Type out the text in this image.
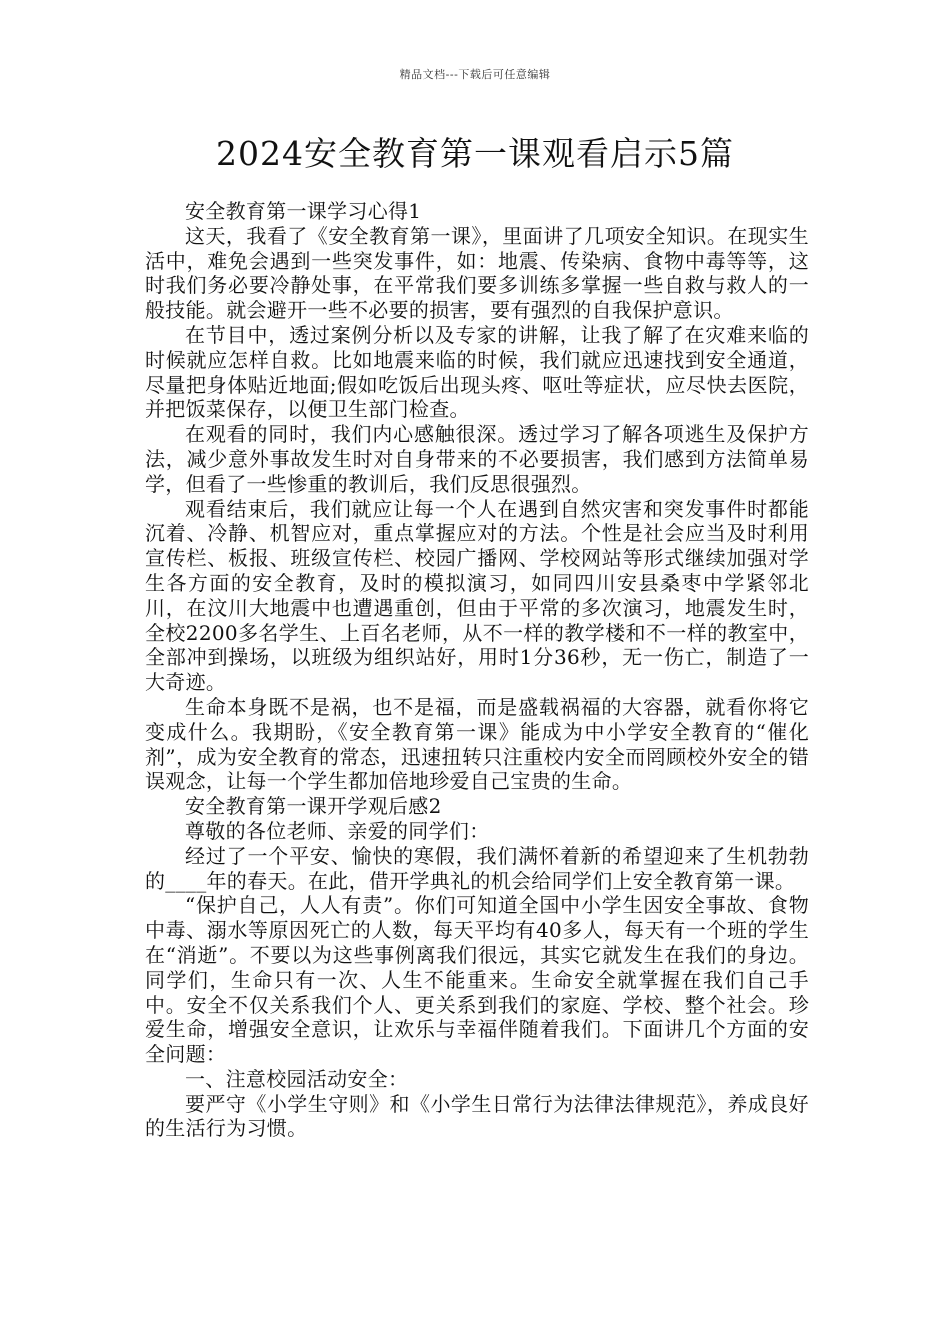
精品文档---下载后可任意编辑
2024安全教育第一课观看启示5篇

安全教育第一课学习心得1

这天，我看了《安全教育第一课》，里面讲了几项安全知识。在现实生活中，难免会遇到一些突发事件，如：地震、传染病、食物中毒等等，这时我们务必要冷静处事，在平常我们要多训练多掌握一些自救与救人的一般技能。就会避开一些不必要的损害，要有强烈的自我保护意识。

在节目中，透过案例分析以及专家的讲解，让我了解了在灾难来临的时候就应怎样自救。比如地震来临的时候，我们就应迅速找到安全通道，尽量把身体贴近地面;假如吃饭后出现头疼、呕吐等症状，应尽快去医院，并把饭菜保存，以便卫生部门检查。

在观看的同时，我们内心感触很深。透过学习了解各项逃生及保护方法，减少意外事故发生时对自身带来的不必要损害，我们感到方法简单易学，但看了一些惨重的教训后，我们反思很强烈。

观看结束后，我们就应让每一个人在遇到自然灾害和突发事件时都能沉着、冷静、机智应对，重点掌握应对的方法。个性是社会应当及时利用宣传栏、板报、班级宣传栏、校园广播网、学校网站等形式继续加强对学生各方面的安全教育，及时的模拟演习，如同四川安县桑枣中学紧邻北川，在汶川大地震中也遭遇重创，但由于平常的多次演习，地震发生时，全校2200多名学生、上百名老师，从不一样的教学楼和不一样的教室中，全部冲到操场，以班级为组织站好，用时1分36秒，无一伤亡，制造了一大奇迹。

生命本身既不是祸，也不是福，而是盛载祸福的大容器，就看你将它变成什么。我期盼，《安全教育第一课》能成为中小学安全教育的“催化剂”，成为安全教育的常态，迅速扭转只注重校内安全而罔顾校外安全的错误观念，让每一个学生都加倍地珍爱自己宝贵的生命。

安全教育第一课开学观后感2

尊敬的各位老师、亲爱的同学们：

经过了一个平安、愉快的寒假，我们满怀着新的希望迎来了生机勃勃的____年的春天。在此，借开学典礼的机会给同学们上安全教育第一课。

“保护自己，人人有责”。你们可知道全国中小学生因安全事故、食物中毒、溺水等原因死亡的人数，每天平均有40多人，每天有一个班的学生在“消逝”。不要以为这些事例离我们很远，其实它就发生在我们的身边。同学们，生命只有一次、人生不能重来。生命安全就掌握在我们自己手中。安全不仅关系我们个人、更关系到我们的家庭、学校、整个社会。珍爱生命，增强安全意识，让欢乐与幸福伴随着我们。下面讲几个方面的安全问题：

一、注意校园活动安全：

要严守《小学生守则》和《小学生日常行为法律法律规范》，养成良好的生活行为习惯。
